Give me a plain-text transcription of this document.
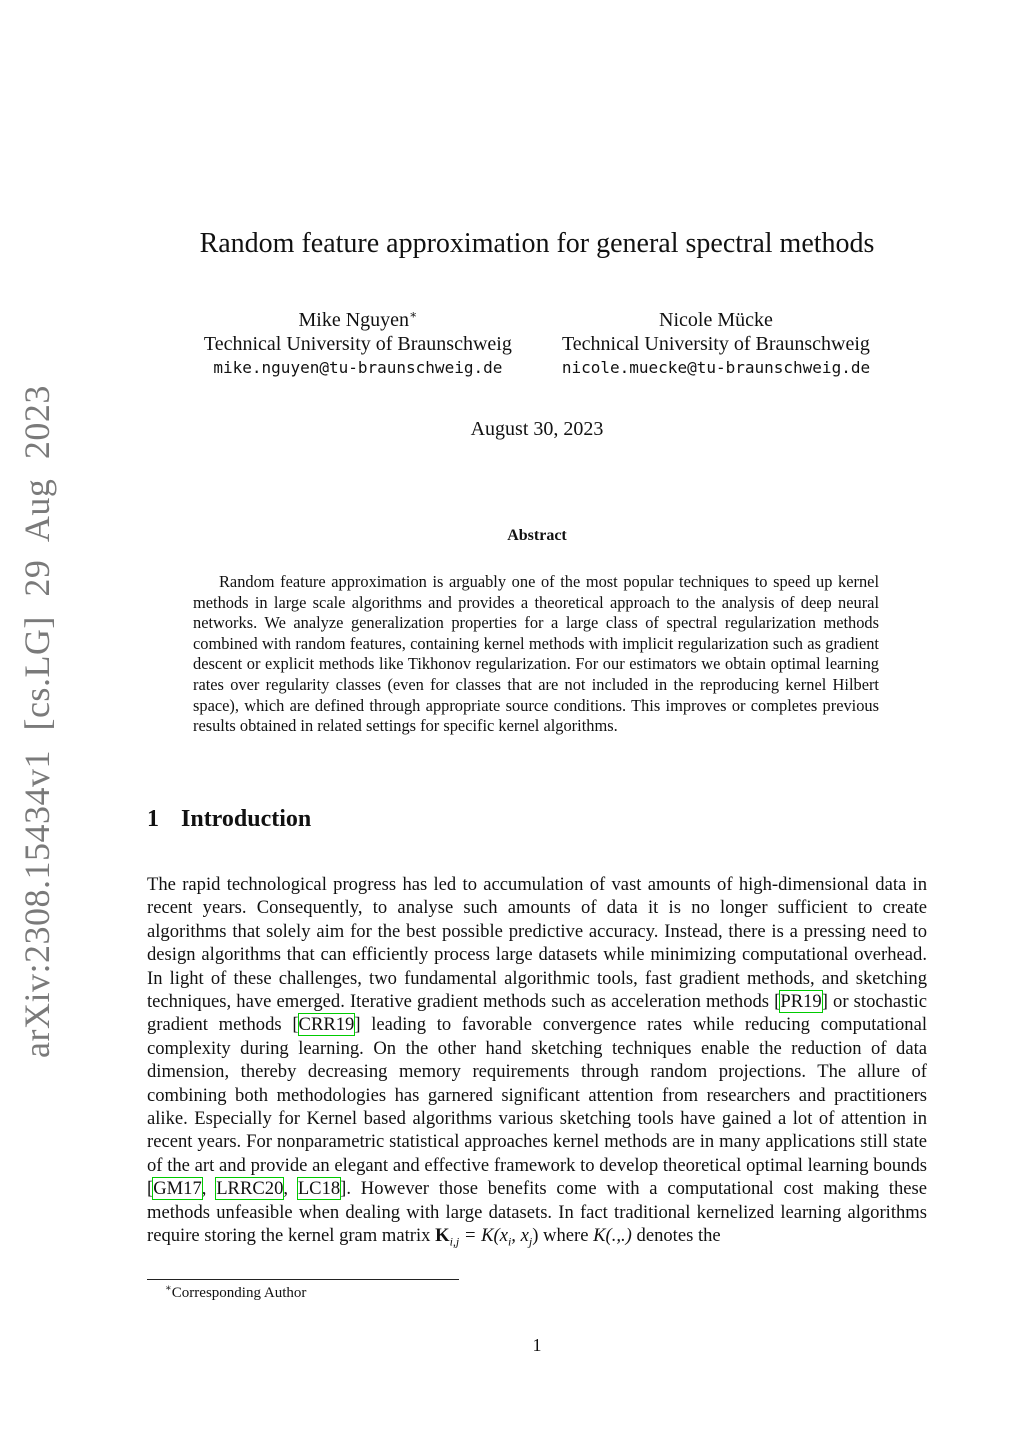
arXiv:2308.15434v1 [cs.LG] 29 Aug 2023
Random feature approximation for general spectral methods
Mike Nguyen∗
Technical University of Braunschweig
mike.nguyen@tu-braunschweig.de
Nicole Mücke
Technical University of Braunschweig
nicole.muecke@tu-braunschweig.de
August 30, 2023
Abstract

Random feature approximation is arguably one of the most popular techniques to speed up kernel methods in large scale algorithms and provides a theoretical approach to the analysis of deep neural networks. We analyze generalization properties for a large class of spectral regularization methods combined with random features, containing kernel methods with implicit regularization such as gradient descent or explicit methods like Tikhonov regularization. For our estimators we obtain optimal learning rates over regularity classes (even for classes that are not included in the reproducing kernel Hilbert space), which are defined through appropriate source conditions. This improves or completes previous results obtained in related settings for specific kernel algorithms.

1 Introduction

The rapid technological progress has led to accumulation of vast amounts of high-dimensional data in recent years. Consequently, to analyse such amounts of data it is no longer sufficient to create algorithms that solely aim for the best possible predictive accuracy. Instead, there is a pressing need to design algorithms that can efficiently process large datasets while minimizing computational overhead. In light of these challenges, two fundamental algorithmic tools, fast gradient methods, and sketching techniques, have emerged. Iterative gradient methods such as acceleration methods [PR19] or stochastic gradient methods [CRR19] leading to favorable convergence rates while reducing computational complexity during learning. On the other hand sketching techniques enable the reduction of data dimension, thereby decreasing memory requirements through random projections. The allure of combining both methodologies has garnered significant attention from researchers and practitioners alike. Especially for Kernel based algorithms various sketching tools have gained a lot of attention in recent years. For nonparametric statistical approaches kernel methods are in many applications still state of the art and provide an elegant and effective framework to develop theoretical optimal learning bounds [GM17, LRRC20, LC18]. However those benefits come with a computational cost making these methods unfeasible when dealing with large datasets. In fact traditional kernelized learning algorithms require storing the kernel gram matrix $K_{i,j} = K(x_i$, $x_j$) where K(.,.) denotes the

∗Corresponding Author
1
